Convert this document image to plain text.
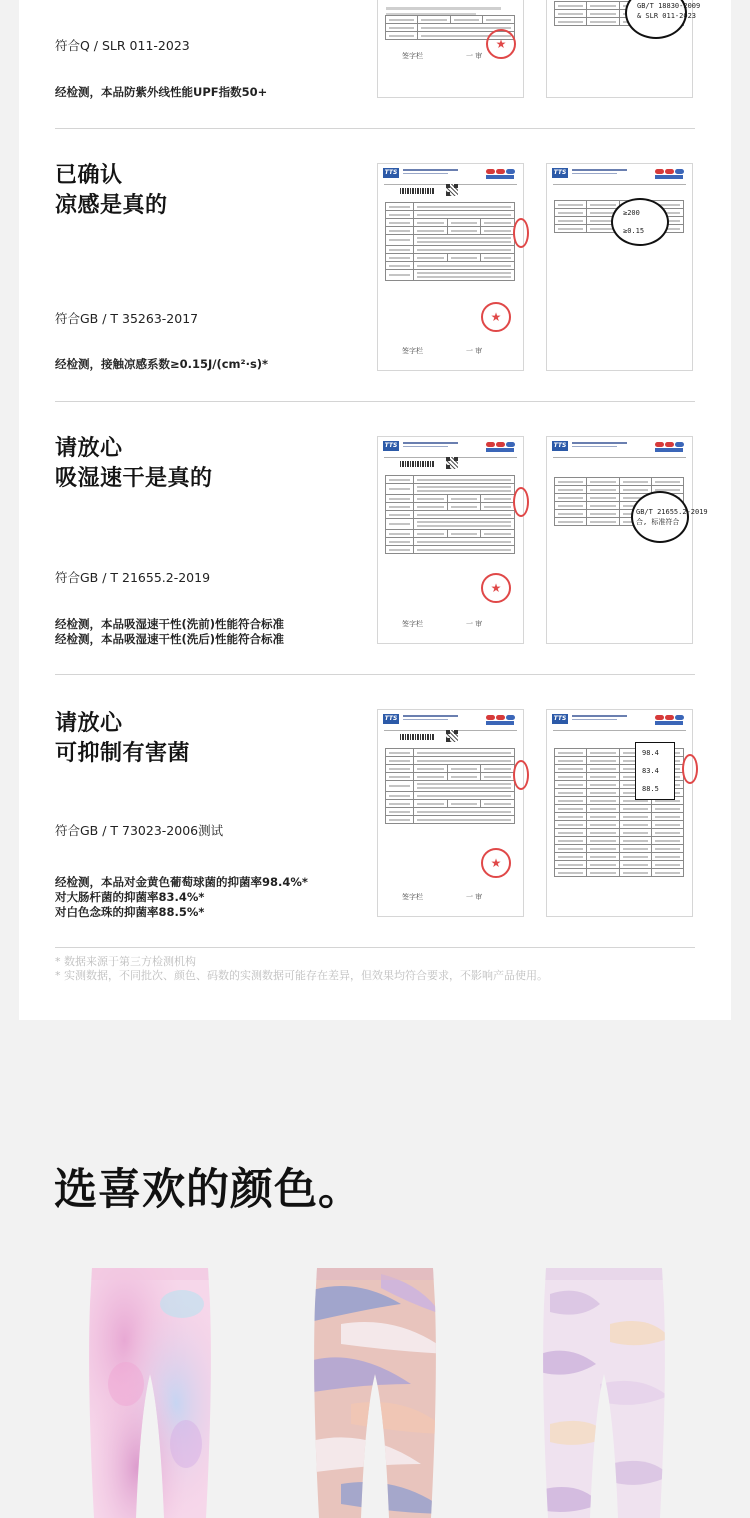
符合Q / SLR 011-2023
经检测，本品防紫外线性能UPF指数50+

★
签字栏	一 审

GB/T 18830-2009
& SLR 011-2023
已确认
凉感是真的
符合GB / T 35263-2017
经检测，接触凉感系数≥0.15J/(cm²·s)*
TTS

★
签字栏	一 审
TTS

≥200
≥0.15
请放心
吸湿速干是真的
符合GB / T 21655.2-2019
经检测，本品吸湿速干性(洗前)性能符合标准
经检测，本品吸湿速干性(洗后)性能符合标准
TTS

★
签字栏	一 审
TTS

GB/T 21655.2-2019
合, 标准符合
请放心
可抑制有害菌
符合GB / T 73023-2006测试
经检测，本品对金黄色葡萄球菌的抑菌率98.4%*
对大肠杆菌的抑菌率83.4%*
对白色念珠的抑菌率88.5%*
TTS

★
签字栏	一 审
TTS

98.4
83.4
88.5
* 数据来源于第三方检测机构
* 实测数据，不同批次、颜色、码数的实测数据可能存在差异，但效果均符合要求，不影响产品使用。
选喜欢的颜色。
